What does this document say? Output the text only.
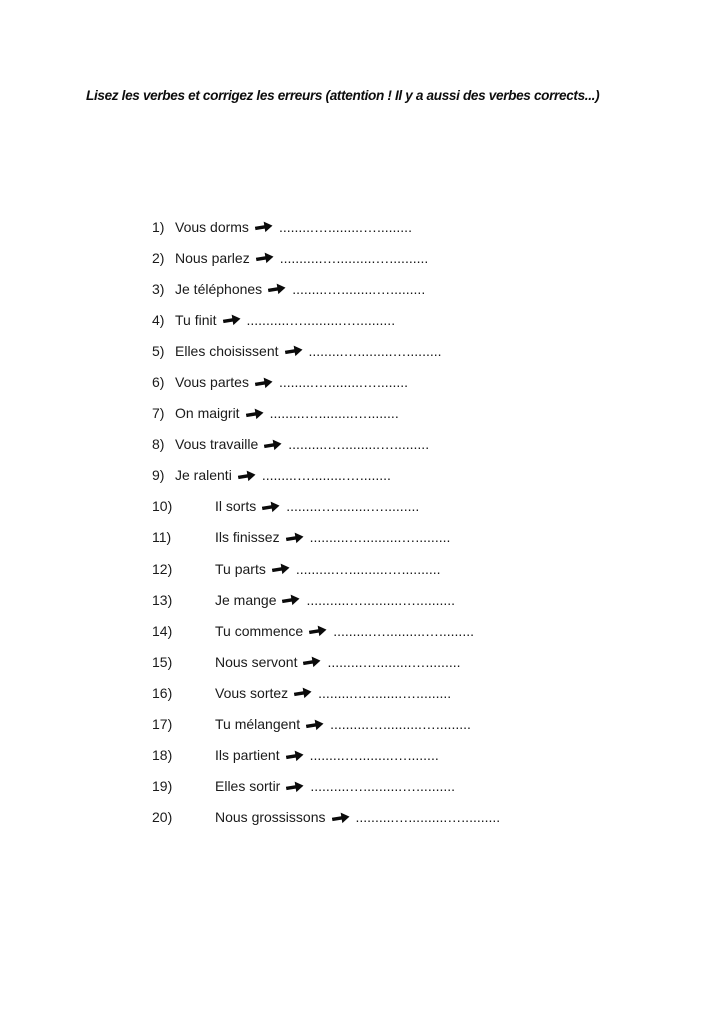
Lisez les verbes et corrigez les erreurs (attention ! Il y a aussi des verbes corrects...)
1) Vous dorms .........….........….........
2) Nous parlez ...........…..........…..........
3) Je téléphones .........….........….........
4) Tu finit ...........…..........…..........
5) Elles choisissent .........….........….........
6) Vous partes .........….........…........
7) On maigrit .........….........…........
8) Vous travaille ..........…..........….........
9) Je ralenti .........….........…........
10)	Il sorts .........….........….........
11)	Ils finissez ..........…..........….........
12)	Tu parts ..........…..........…..........
13)	Je mange ...........…..........…..........
14)	Tu commence ..........…..........….........
15)	Nous servont .........….........….........
16)	Vous sortez .........….........….........
17)	Tu mélangent ..........…..........….........
18)	Ils partient .........….........…........
19)	Elles sortir ..........…..........…..........
20)	Nous grossissons ..........…..........…..........
